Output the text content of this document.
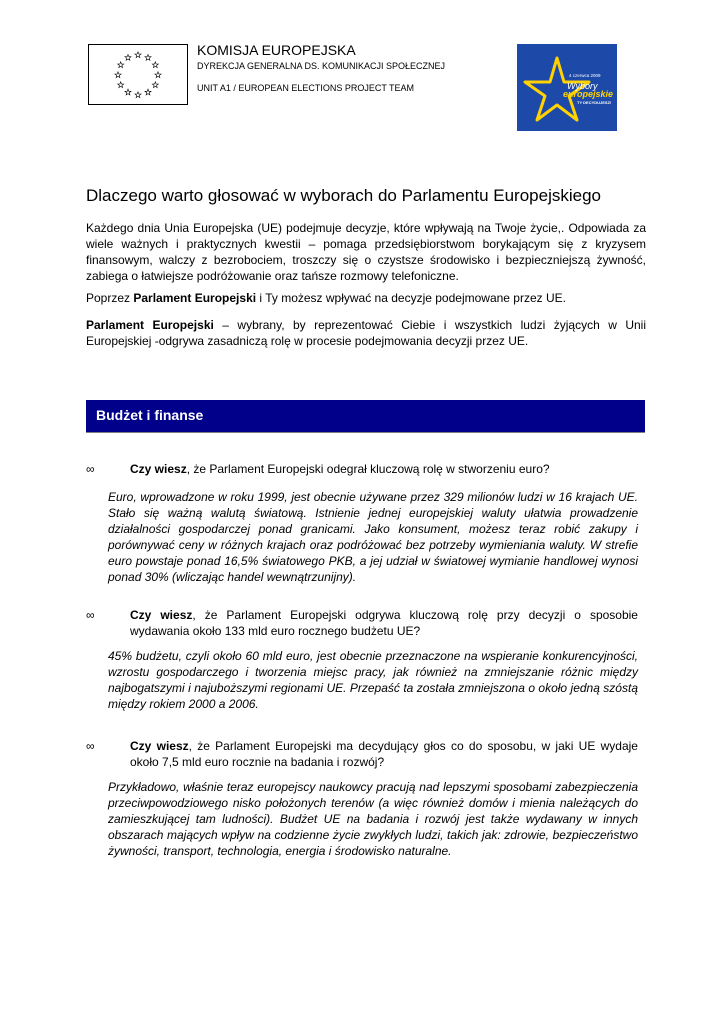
KOMISJA EUROPEJSKA
DYREKCJA GENERALNA DS. KOMUNIKACJI SPOŁECZNEJ
UNIT A1 / EUROPEAN ELECTIONS PROJECT TEAM
4 czerwca 2009
Wybory
europejskie
TY DECYDUJESZ!
Dlaczego warto głosować w wyborach do Parlamentu Europejskiego

Każdego dnia Unia Europejska (UE) podejmuje decyzje, które wpływają na Twoje życie,. Odpowiada za wiele ważnych i praktycznych kwestii – pomaga przedsiębiorstwom borykającym się z kryzysem finansowym, walczy z bezrobociem, troszczy się o czystsze środowisko i bezpieczniejszą żywność, zabiega o łatwiejsze podróżowanie oraz tańsze rozmowy telefoniczne.

Poprzez Parlament Europejski i Ty możesz wpływać na decyzje podejmowane przez UE.

Parlament Europejski – wybrany, by reprezentować Ciebie i wszystkich ludzi żyjących w Unii Europejskiej -odgrywa zasadniczą rolę w procesie podejmowania decyzji przez UE.

Budżet i finanse
∞	Czy wiesz, że Parlament Europejski odegrał kluczową rolę w stworzeniu euro?

Euro, wprowadzone w roku 1999, jest obecnie używane przez 329 milionów ludzi w 16 krajach UE. Stało się ważną walutą światową. Istnienie jednej europejskiej waluty ułatwia prowadzenie działalności gospodarczej ponad granicami. Jako konsument, możesz teraz robić zakupy i porównywać ceny w różnych krajach oraz podróżować bez potrzeby wymieniania waluty. W strefie euro powstaje ponad 16,5% światowego PKB, a jej udział w światowej wymianie handlowej wynosi ponad 30% (wliczając handel wewnątrzunijny).

∞	Czy wiesz, że Parlament Europejski odgrywa kluczową rolę przy decyzji o sposobie wydawania około 133 mld euro rocznego budżetu UE?

45% budżetu, czyli około 60 mld euro, jest obecnie przeznaczone na wspieranie konkurencyjności, wzrostu gospodarczego i tworzenia miejsc pracy, jak również na zmniejszanie różnic między najbogatszymi i najuboższymi regionami UE. Przepaść ta została zmniejszona o około jedną szóstą między rokiem 2000 a 2006.

∞	Czy wiesz, że Parlament Europejski ma decydujący głos co do sposobu, w jaki UE wydaje około 7,5 mld euro rocznie na badania i rozwój?

Przykładowo, właśnie teraz europejscy naukowcy pracują nad lepszymi sposobami zabezpieczenia przeciwpowodziowego nisko położonych terenów (a więc również domów i mienia należących do zamieszkującej tam ludności). Budżet UE na badania i rozwój jest także wydawany w innych obszarach mających wpływ na codzienne życie zwykłych ludzi, takich jak: zdrowie, bezpieczeństwo żywności, transport, technologia, energia i środowisko naturalne.
